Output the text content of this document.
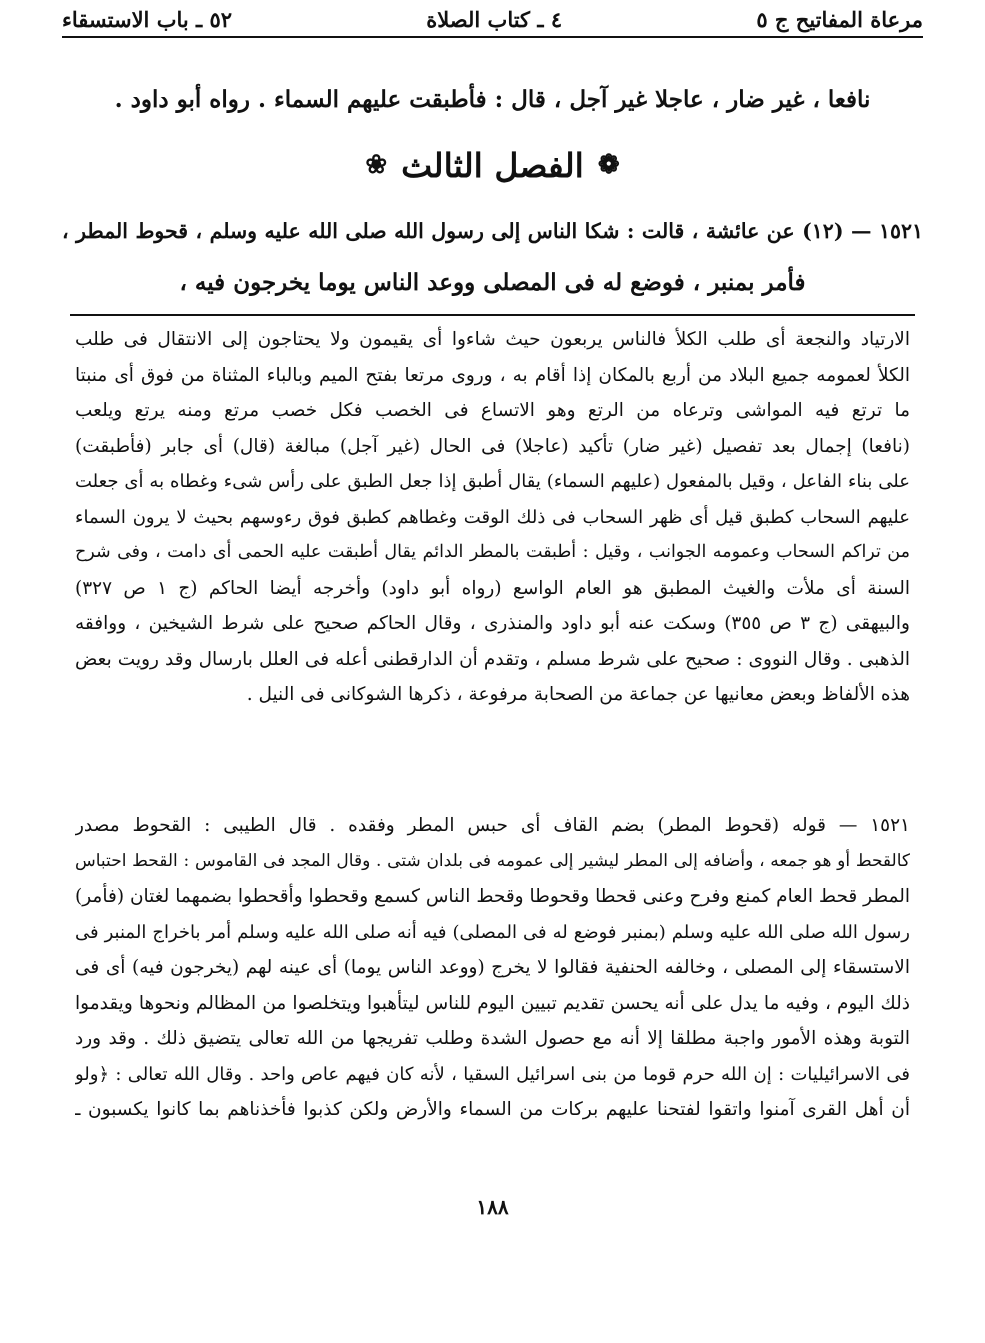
مرعاة المفاتيح ج ٥
٤ ـ كتاب الصلاة
٥٢ ـ باب الاستسقاء
نافعا ، غير ضار ، عاجلا غير آجل ، قال : فأطبقت عليهم السماء . رواه أبو داود .
❁
الفصل الثالث
❀
١٥٢١ — (١٢) عن عائشة ، قالت : شكا الناس إلى رسول الله صلى الله عليه وسلم ، قحوط المطر ،
فأمر بمنبر ، فوضع له فى المصلى ووعد الناس يوما يخرجون فيه ،
الارتياد والنجعة أى طلب الكلأ فالناس يربعون حيث شاءوا أى يقيمون ولا يحتاجون إلى الانتقال فى طلب
الكلأ لعمومه جميع البلاد من أربع بالمكان إذا أقام به ، وروى مرتعا بفتح الميم وبالباء المثناة من فوق أى منبتا
ما ترتع فيه المواشى وترعاه من الرتع وهو الاتساع فى الخصب فكل خصب مرتع ومنه يرتع ويلعب
(نافعا) إجمال بعد تفصيل (غير ضار) تأكيد (عاجلا) فى الحال (غير آجل) مبالغة (قال) أى جابر (فأطبقت)
على بناء الفاعل ، وقيل بالمفعول (عليهم السماء) يقال أطبق إذا جعل الطبق على رأس شىء وغطاه به أى جعلت
عليهم السحاب كطبق قيل أى ظهر السحاب فى ذلك الوقت وغطاهم كطبق فوق رءوسهم بحيث لا يرون السماء
من تراكم السحاب وعمومه الجوانب ، وقيل : أطبقت بالمطر الدائم يقال أطبقت عليه الحمى أى دامت ، وفى شرح
السنة أى ملأت والغيث المطبق هو العام الواسع (رواه أبو داود) وأخرجه أيضا الحاكم (ج ١ ص ٣٢٧)
والبيهقى (ج ٣ ص ٣٥٥) وسكت عنه أبو داود والمنذرى ، وقال الحاكم صحيح على شرط الشيخين ، ووافقه
الذهبى . وقال النووى : صحيح على شرط مسلم ، وتقدم أن الدارقطنى أعله فى العلل بارسال وقد رويت بعض
هذه الألفاظ وبعض معانيها عن جماعة من الصحابة مرفوعة ، ذكرها الشوكانى فى النيل .
١٥٢١ — قوله (قحوط المطر) بضم القاف أى حبس المطر وفقده . قال الطيبى : القحوط مصدر
كالقحط أو هو جمعه ، وأضافه إلى المطر ليشير إلى عمومه فى بلدان شتى . وقال المجد فى القاموس : القحط احتباس
المطر قحط العام كمنع وفرح وعنى قحطا وقحوطا وقحط الناس كسمع وقحطوا وأقحطوا بضمهما لغتان (فأمر)
رسول الله صلى الله عليه وسلم (بمنبر فوضع له فى المصلى) فيه أنه صلى الله عليه وسلم أمر باخراج المنبر فى
الاستسقاء إلى المصلى ، وخالفه الحنفية فقالوا لا يخرج (ووعد الناس يوما) أى عينه لهم (يخرجون فيه) أى فى
ذلك اليوم ، وفيه ما يدل على أنه يحسن تقديم تبيين اليوم للناس ليتأهبوا ويتخلصوا من المظالم ونحوها ويقدموا
التوبة وهذه الأمور واجبة مطلقا إلا أنه مع حصول الشدة وطلب تفريجها من الله تعالى يتضيق ذلك . وقد ورد
فى الاسرائيليات : إن الله حرم قوما من بنى اسرائيل السقيا ، لأنه كان فيهم عاص واحد . وقال الله تعالى : ﴿ولو
أن أهل القرى آمنوا واتقوا لفتحنا عليهم بركات من السماء والأرض ولكن كذبوا فأخذناهم بما كانوا يكسبون ـ
١٨٨
